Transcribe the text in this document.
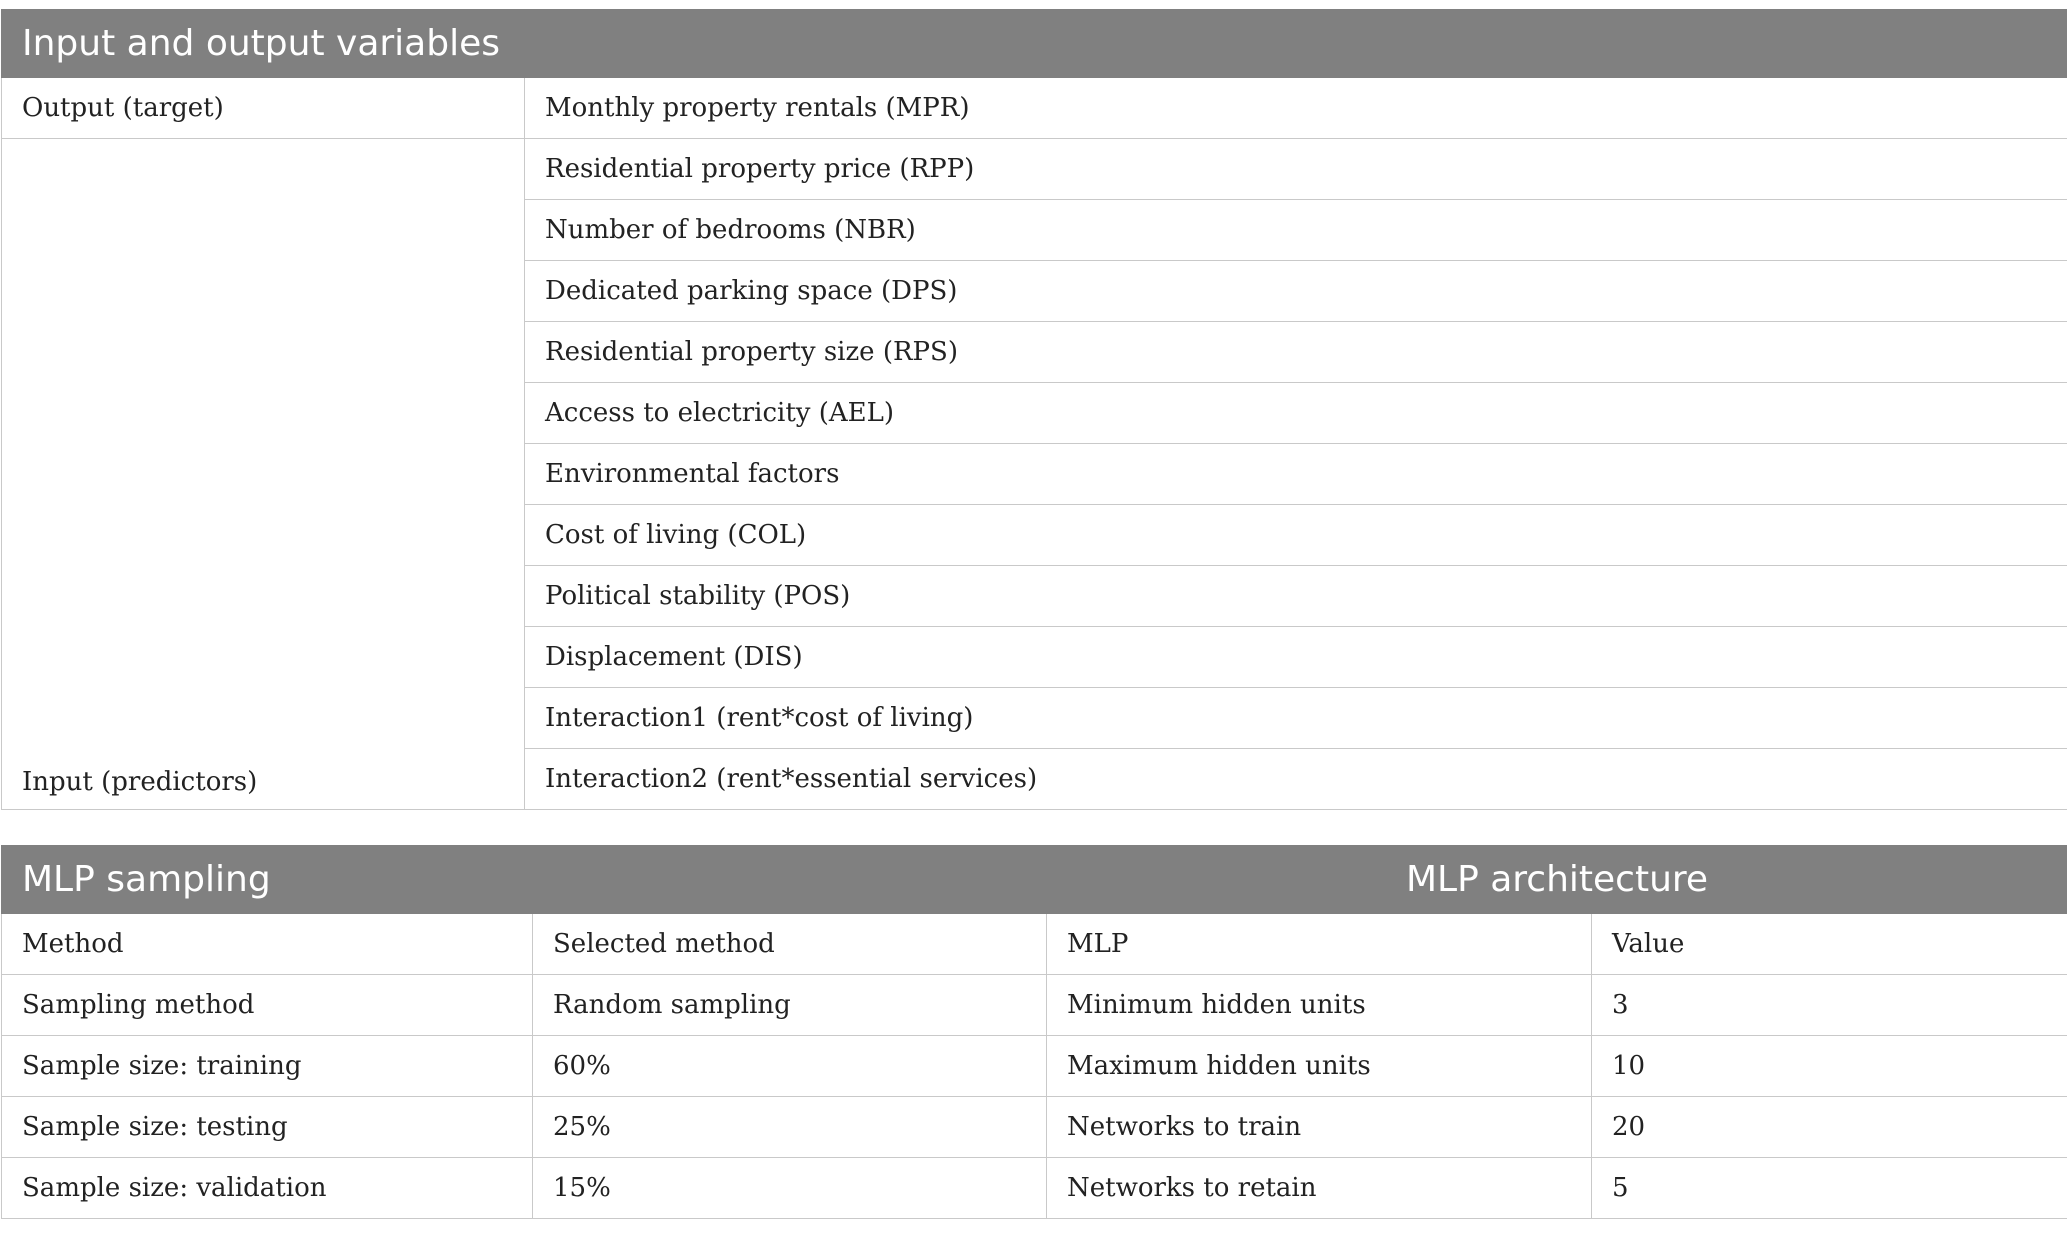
Input and output variables	
Output (target)	Monthly property rentals (MPR)
Input (predictors)	Residential property price (RPP)
	Number of bedrooms (NBR)
	Dedicated parking space (DPS)
	Residential property size (RPS)
	Access to electricity (AEL)
	Environmental factors
	Cost of living (COL)
	Political stability (POS)
	Displacement (DIS)
	Interaction1 (rent*cost of living)
	Interaction2 (rent*essential services)
MLP sampling		MLP architecture	
Method	Selected method	MLP	Value
Sampling method	Random sampling	Minimum hidden units	3
Sample size: training	60%	Maximum hidden units	10
Sample size: testing	25%	Networks to train	20
Sample size: validation	15%	Networks to retain	5
